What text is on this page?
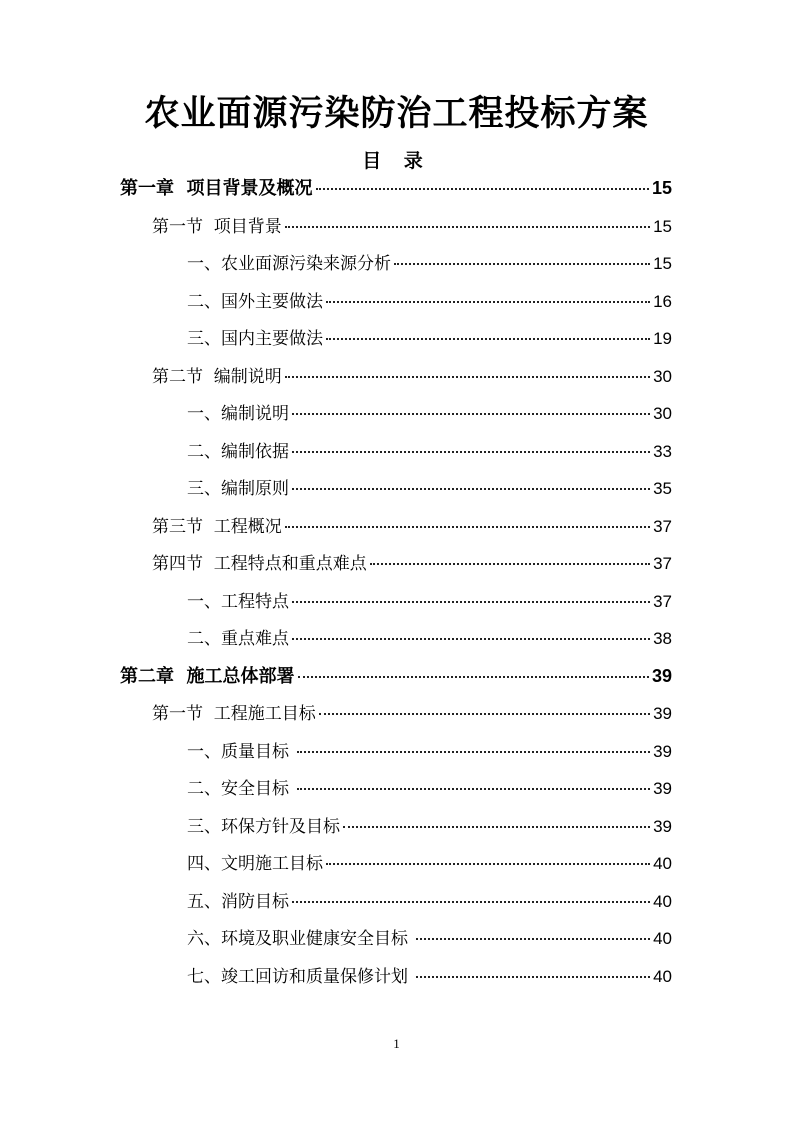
农业面源污染防治工程投标方案
目 录
第一章  项目背景及概况	15
第一节  项目背景	15
一、农业面源污染来源分析	15
二、国外主要做法	16
三、国内主要做法	19
第二节  编制说明	30
一、编制说明	30
二、编制依据	33
三、编制原则	35
第三节  工程概况	37
第四节  工程特点和重点难点	37
一、工程特点	37
二、重点难点	38
第二章  施工总体部署	39
第一节  工程施工目标	39
一、质量目标	39
二、安全目标	39
三、环保方针及目标	39
四、文明施工目标	40
五、消防目标	40
六、环境及职业健康安全目标	40
七、竣工回访和质量保修计划	40
1
